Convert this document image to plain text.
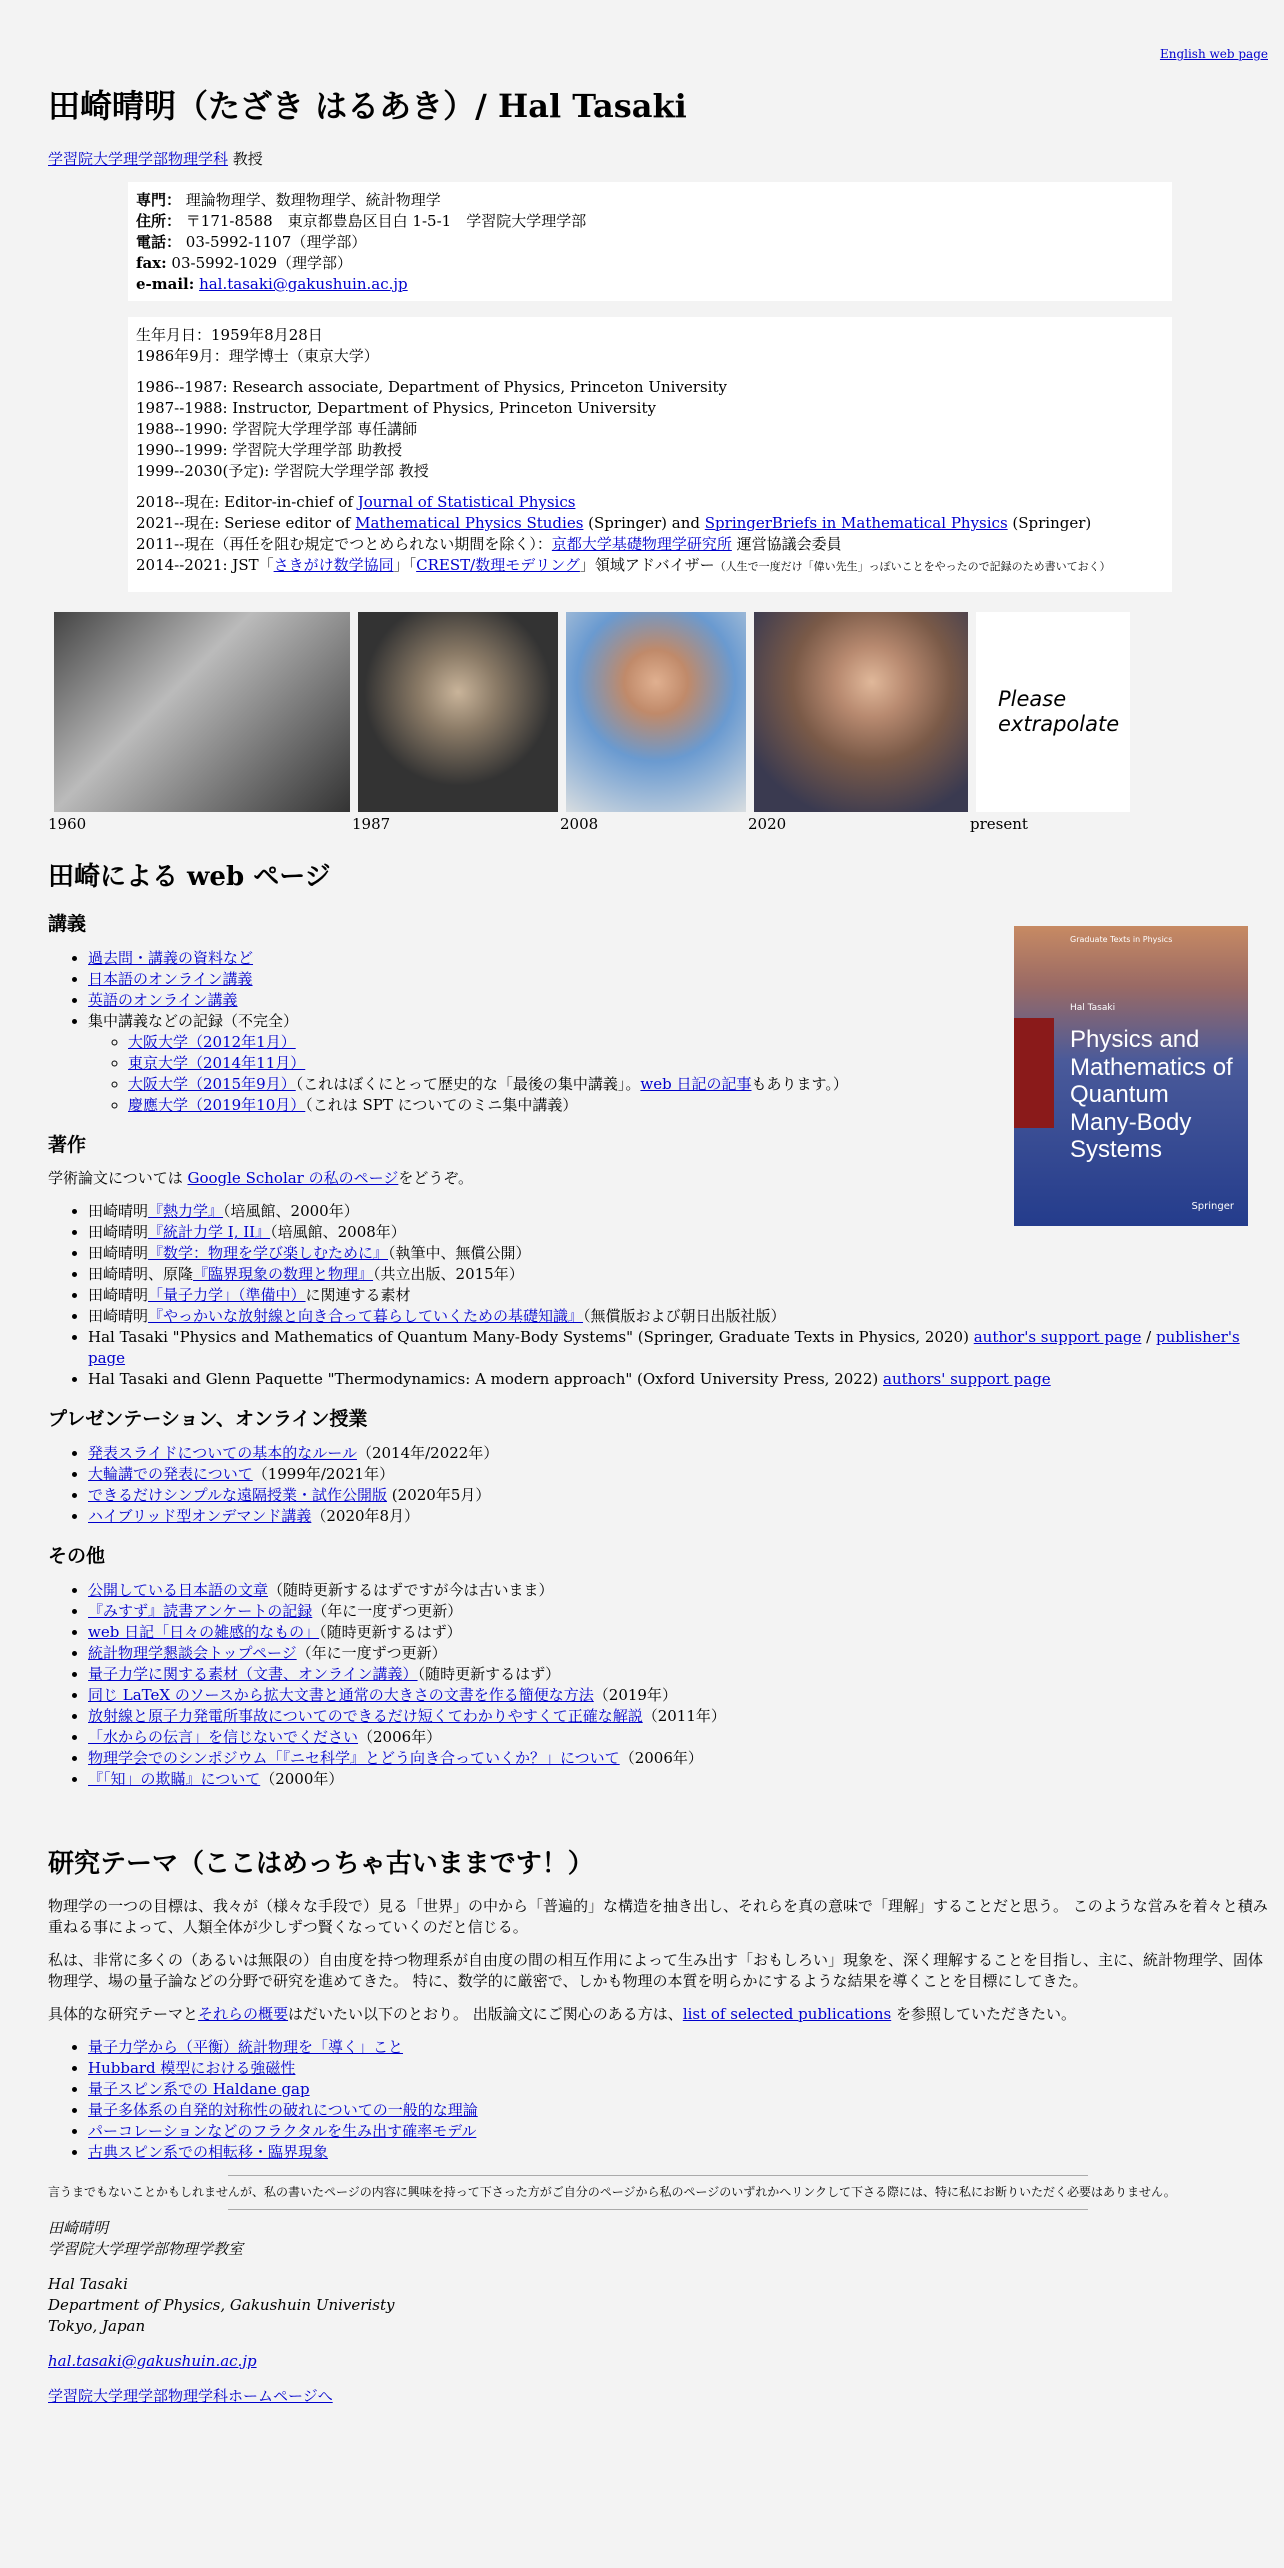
English web page
田崎晴明（たざき はるあき）/ Hal Tasaki
学習院大学理学部物理学科 教授
専門： 理論物理学、数理物理学、統計物理学
住所： 〒171-8588　東京都豊島区目白 1-5-1　学習院大学理学部
電話： 03-5992-1107（理学部）
fax: 03-5992-1029（理学部）
e-mail: hal.tasaki@gakushuin.ac.jp

生年月日：1959年8月28日
1986年9月：理学博士（東京大学）

1986--1987: Research associate, Department of Physics, Princeton University
1987--1988: Instructor, Department of Physics, Princeton University
1988--1990: 学習院大学理学部 専任講師
1990--1999: 学習院大学理学部 助教授
1999--2030(予定): 学習院大学理学部 教授

2018--現在: Editor-in-chief of Journal of Statistical Physics
2021--現在: Seriese editor of Mathematical Physics Studies (Springer) and SpringerBriefs in Mathematical Physics (Springer)
2011--現在（再任を阻む規定でつとめられない期間を除く）：京都大学基礎物理学研究所 運営協議会委員
2014--2021: JST「さきがけ数学協同」「CREST/数理モデリング」領域アドバイザー（人生で一度だけ「偉い先生」っぽいことをやったので記録のため書いておく）

1960	1987	2008	2020
Please extrapolate
present
田崎による web ページ
Graduate Texts in Physics
Hal Tasaki
Physics and Mathematics of Quantum Many-Body Systems
Springer
講義
• 過去問・講義の資料など
• 日本語のオンライン講義
• 英語のオンライン講義
• 集中講義などの記録（不完全）
◦ 大阪大学（2012年1月）
◦ 東京大学（2014年11月）
◦ 大阪大学（2015年9月）（これはぼくにとって歴史的な「最後の集中講義」。web 日記の記事もあります。）
◦ 慶應大学（2019年10月）（これは SPT についてのミニ集中講義）
著作

学術論文については Google Scholar の私のページをどうぞ。

• 田崎晴明『熱力学』（培風館、2000年）
• 田崎晴明『統計力学 I, II』（培風館、2008年）
• 田崎晴明『数学：物理を学び楽しむために』（執筆中、無償公開）
• 田崎晴明、原隆『臨界現象の数理と物理』（共立出版、2015年）
• 田崎晴明「量子力学」（準備中）に関連する素材
• 田崎晴明『やっかいな放射線と向き合って暮らしていくための基礎知識』（無償版および朝日出版社版）
• Hal Tasaki "Physics and Mathematics of Quantum Many-Body Systems" (Springer, Graduate Texts in Physics, 2020) author's support page / publisher's page
• Hal Tasaki and Glenn Paquette "Thermodynamics: A modern approach" (Oxford University Press, 2022) authors' support page
プレゼンテーション、オンライン授業
• 発表スライドについての基本的なルール（2014年/2022年）
• 大輪講での発表について（1999年/2021年）
• できるだけシンプルな遠隔授業・試作公開版 (2020年5月）
• ハイブリッド型オンデマンド講義（2020年8月）
その他
• 公開している日本語の文章（随時更新するはずですが今は古いまま）
• 『みすず』読書アンケートの記録（年に一度ずつ更新）
• web 日記「日々の雑感的なもの」（随時更新するはず）
• 統計物理学懇談会トップページ（年に一度ずつ更新）
• 量子力学に関する素材（文書、オンライン講義）（随時更新するはず）
• 同じ LaTeX のソースから拡大文書と通常の大きさの文書を作る簡便な方法（2019年）
• 放射線と原子力発電所事故についてのできるだけ短くてわかりやすくて正確な解説（2011年）
• 「水からの伝言」を信じないでください（2006年）
• 物理学会でのシンポジウム「『ニセ科学』とどう向き合っていくか？」について（2006年）
• 『「知」の欺瞞』について（2000年）
研究テーマ（ここはめっちゃ古いままです！）

物理学の一つの目標は、我々が（様々な手段で）見る「世界」の中から「普遍的」な構造を抽き出し、それらを真の意味で「理解」することだと思う。 このような営みを着々と積み重ねる事によって、人類全体が少しずつ賢くなっていくのだと信じる。

私は、非常に多くの（あるいは無限の）自由度を持つ物理系が自由度の間の相互作用によって生み出す「おもしろい」現象を、深く理解することを目指し、主に、統計物理学、固体物理学、場の量子論などの分野で研究を進めてきた。 特に、数学的に厳密で、しかも物理の本質を明らかにするような結果を導くことを目標にしてきた。

具体的な研究テーマとそれらの概要はだいたい以下のとおり。 出版論文にご関心のある方は、list of selected publications を参照していただきたい。

• 量子力学から（平衡）統計物理を「導く」こと
• Hubbard 模型における強磁性
• 量子スピン系での Haldane gap
• 量子多体系の自発的対称性の破れについての一般的な理論
• パーコレーションなどのフラクタルを生み出す確率モデル
• 古典スピン系での相転移・臨界現象
言うまでもないことかもしれませんが、私の書いたページの内容に興味を持って下さった方がご自分のページから私のページのいずれかへリンクして下さる際には、特に私にお断りいただく必要はありません。
田崎晴明
学習院大学理学部物理学教室
Hal Tasaki
Department of Physics, Gakushuin Univeristy
Tokyo, Japan
hal.tasaki@gakushuin.ac.jp
学習院大学理学部物理学科ホームページへ
